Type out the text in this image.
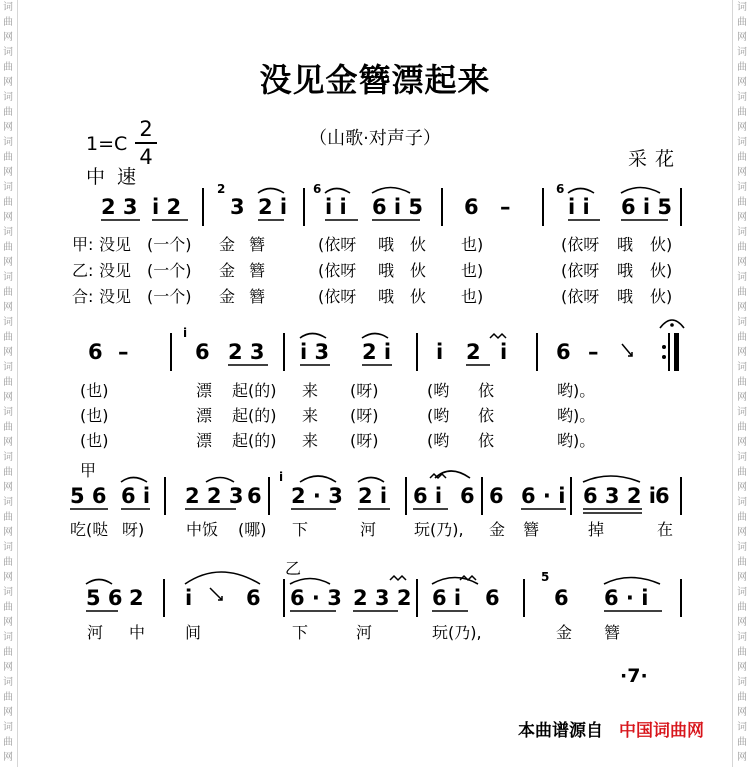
词
曲
网
词
曲
网
词
曲
网
词
曲
网
词
曲
网
词
曲
网
词
曲
网
词
曲
网
词
曲
网
词
曲
网
词
曲
网
词
曲
网
词
曲
网
词
曲
网
词
曲
网
词
曲
网
词
曲
网
词
曲
网
词
曲
网
词
曲
网
词
曲
网
词
曲
网
词
曲
网
词
曲
网
词
曲
网
词
曲
网
词
曲
网
词
曲
网
词
曲
网
词
曲
网
词
曲
网
词
曲
网
词
曲
网
词
曲
网
没见金簪漂起来
（山歌·对声子）
1=C
2
4
中速
采花
2 3 i 2
2
3 2 i
6
i i 6 i 5 6 –
6
i i 6 i 5
甲: 没见 (一个) 金 簪	(依呀 哦 伙 也)	(依呀 哦 伙)
乙: 没见 (一个) 金 簪	(依呀 哦 伙 也)	(依呀 哦 伙)
合: 没见 (一个) 金 簪	(依呀 哦 伙 也)	(依呀 哦 伙)
6 –
i
6 2 3 i 3 2 i i 2 i 6 –
(也)	漂 起(的) 来 (呀)	(哟 依	哟)。
(也)	漂 起(的) 来 (呀)	(哟 依	哟)。
(也)	漂 起(的) 来 (呀)	(哟 依	哟)。
甲
5 6 6 i 2 2 3 6
i
2 · 3 2 i 6 i 6 6 6 · i 6 3 2 i 6
吃(哒 呀)	中饭 (哪) 下	河 玩(乃), 金 簪	掉	在
乙
5 6 2 i	6 6 · 3 2 3 2 6 i 6
5
6 6 · i
河 中 间	下	河	玩(乃),	金 簪
·7·
本曲谱源自 中国词曲网
